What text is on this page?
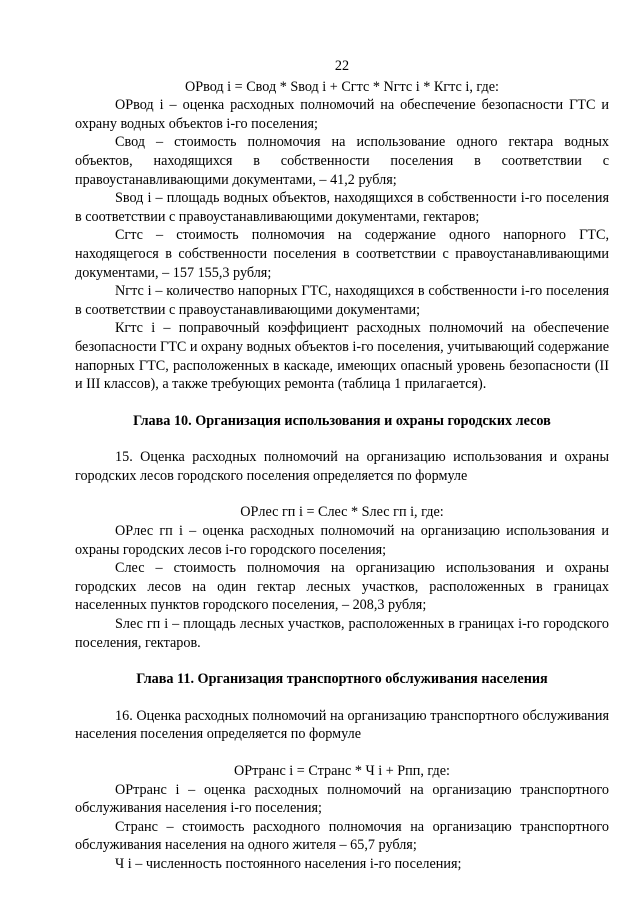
22
ОРвод i = Свод * Sвод i + Сгтс * Nгтс i * Кгтс i, где:
ОРвод i – оценка расходных полномочий на обеспечение безопасности ГТС и охрану водных объектов i-го поселения;
Свод – стоимость полномочия на использование одного гектара водных объектов, находящихся в собственности поселения в соответствии с правоустанавливающими документами, – 41,2 рубля;
Sвод i – площадь водных объектов, находящихся в собственности i-го поселения в соответствии с правоустанавливающими документами, гектаров;
Сгтс – стоимость полномочия на содержание одного напорного ГТС, находящегося в собственности поселения в соответствии с правоустанавливающими документами, – 157 155,3 рубля;
Nгтс i – количество напорных ГТС, находящихся в собственности i-го поселения в соответствии с правоустанавливающими документами;
Кгтс i – поправочный коэффициент расходных полномочий на обеспечение безопасности ГТС и охрану водных объектов i-го поселения, учитывающий содержание напорных ГТС, расположенных в каскаде, имеющих опасный уровень безопасности (II и III классов), а также требующих ремонта (таблица 1 прилагается).
Глава 10. Организация использования и охраны городских лесов
15. Оценка расходных полномочий на организацию использования и охраны городских лесов городского поселения определяется по формуле
ОРлес гп i = Слес * Sлес гп i, где:
ОРлес гп i – оценка расходных полномочий на организацию использования и охраны городских лесов i-го городского поселения;
Слес – стоимость полномочия на организацию использования и охраны городских лесов на один гектар лесных участков, расположенных в границах населенных пунктов городского поселения, – 208,3 рубля;
Sлес гп i – площадь лесных участков, расположенных в границах i-го городского поселения, гектаров.
Глава 11. Организация транспортного обслуживания населения
16. Оценка расходных полномочий на организацию транспортного обслуживания населения поселения определяется по формуле
ОРтранс i = Странс * Ч i + Рпп, где:
ОРтранс i – оценка расходных полномочий на организацию транспортного обслуживания населения i-го поселения;
Странс – стоимость расходного полномочия на организацию транспортного обслуживания населения на одного жителя – 65,7 рубля;
Ч i – численность постоянного населения i-го поселения;
